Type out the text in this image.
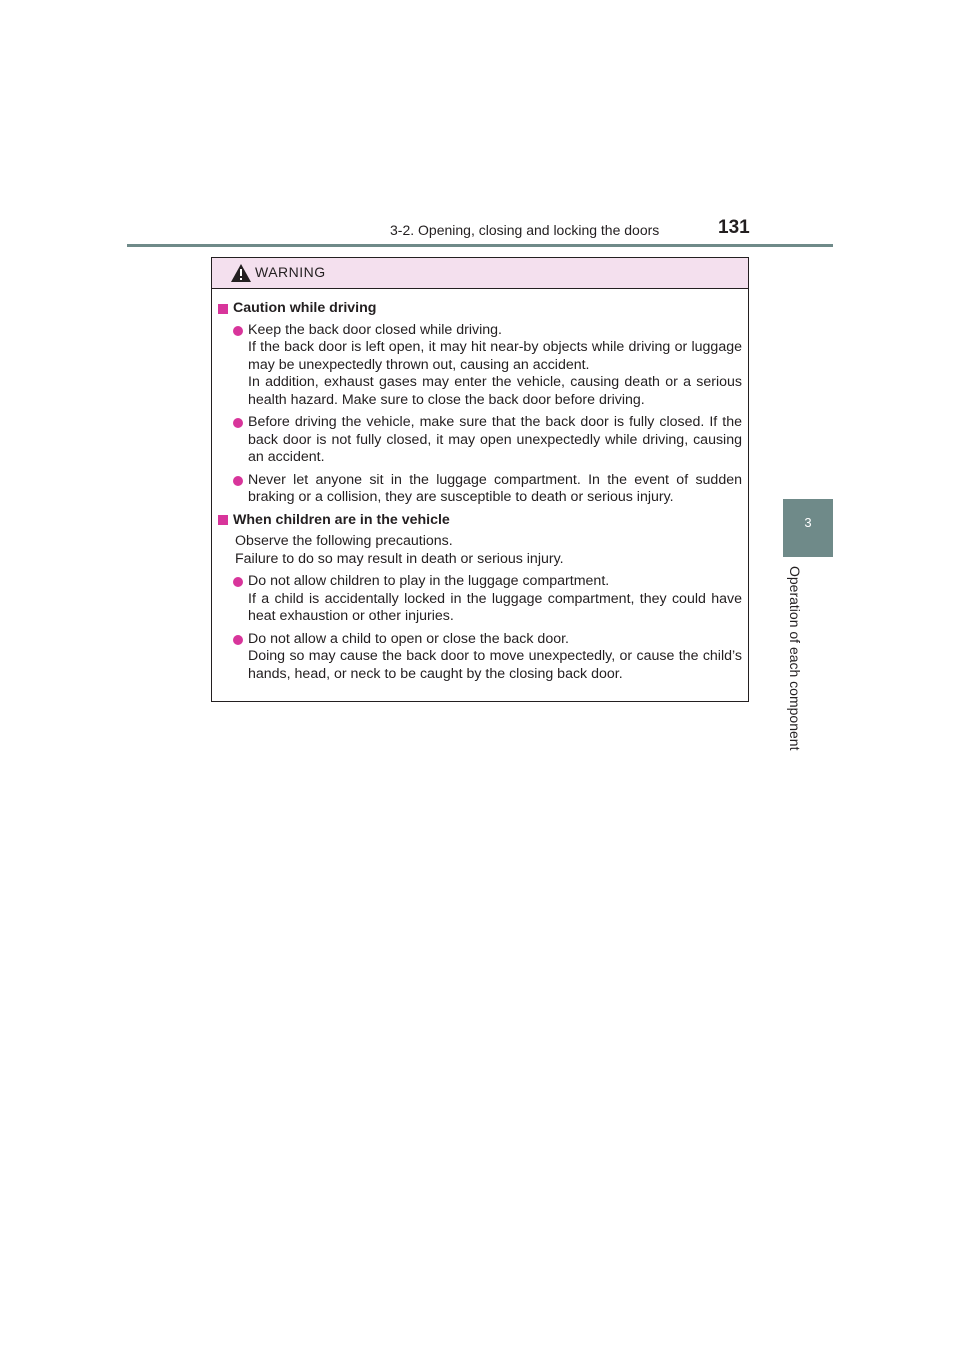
3-2. Opening, closing and locking the doors	131
3
Operation of each component
WARNING
Caution while driving

Keep the back door closed while driving.

If the back door is left open, it may hit near-by objects while driving or luggage may be unexpectedly thrown out, causing an accident.

In addition, exhaust gases may enter the vehicle, causing death or a serious health hazard. Make sure to close the back door before driving.

Before driving the vehicle, make sure that the back door is fully closed. If the back door is not fully closed, it may open unexpectedly while driving, causing an accident.

Never let anyone sit in the luggage compartment. In the event of sudden braking or a collision, they are susceptible to death or serious injury.

When children are in the vehicle

Observe the following precautions.

Failure to do so may result in death or serious injury.

Do not allow children to play in the luggage compartment.

If a child is accidentally locked in the luggage compartment, they could have heat exhaustion or other injuries.

Do not allow a child to open or close the back door.

Doing so may cause the back door to move unexpectedly, or cause the child’s hands, head, or neck to be caught by the closing back door.
